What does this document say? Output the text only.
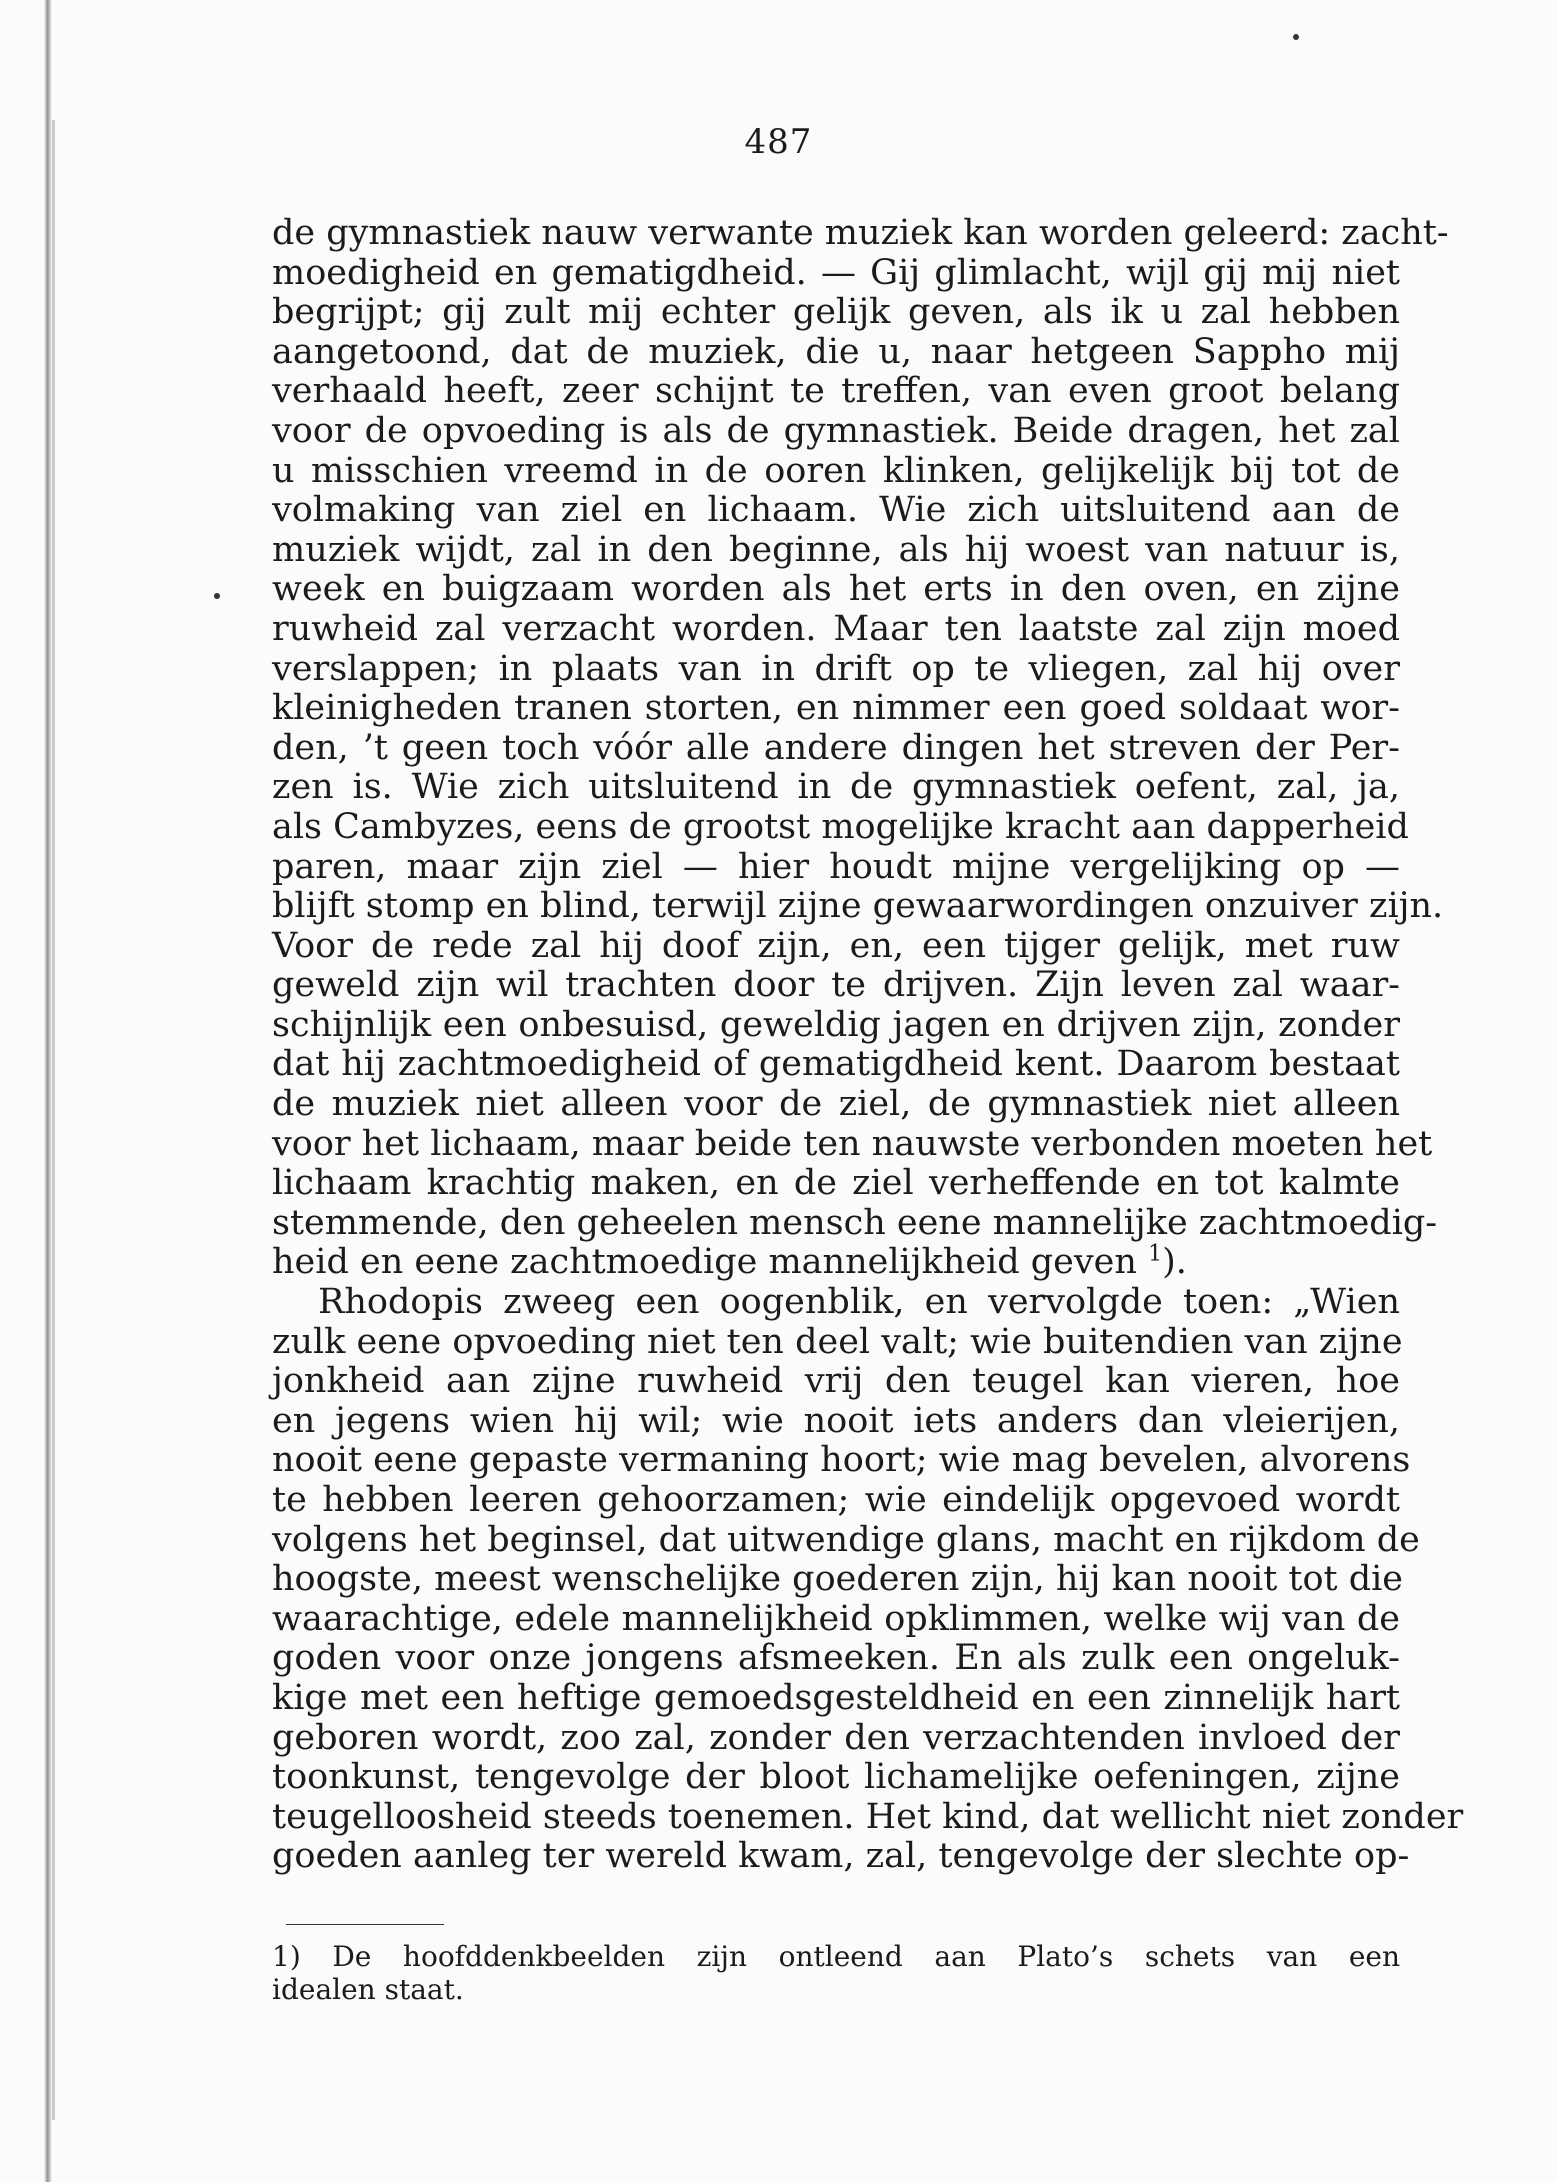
487
de gymnastiek nauw verwante muziek kan worden geleerd: zacht-
moedigheid en gematigdheid. — Gij glimlacht, wijl gij mij niet
begrijpt; gij zult mij echter gelijk geven, als ik u zal hebben
aangetoond, dat de muziek, die u, naar hetgeen Sappho mij
verhaald heeft, zeer schijnt te treffen, van even groot belang
voor de opvoeding is als de gymnastiek. Beide dragen, het zal
u misschien vreemd in de ooren klinken, gelijkelijk bij tot de
volmaking van ziel en lichaam. Wie zich uitsluitend aan de
muziek wijdt, zal in den beginne, als hij woest van natuur is,
week en buigzaam worden als het erts in den oven, en zijne
ruwheid zal verzacht worden. Maar ten laatste zal zijn moed
verslappen; in plaats van in drift op te vliegen, zal hij over
kleinigheden tranen storten, en nimmer een goed soldaat wor-
den, ’t geen toch vóór alle andere dingen het streven der Per-
zen is. Wie zich uitsluitend in de gymnastiek oefent, zal, ja,
als Cambyzes, eens de grootst mogelijke kracht aan dapperheid
paren, maar zijn ziel — hier houdt mijne vergelijking op —
blijft stomp en blind, terwijl zijne gewaarwordingen onzuiver zijn.
Voor de rede zal hij doof zijn, en, een tijger gelijk, met ruw
geweld zijn wil trachten door te drijven. Zijn leven zal waar-
schijnlijk een onbesuisd, geweldig jagen en drijven zijn, zonder
dat hij zachtmoedigheid of gematigdheid kent. Daarom bestaat
de muziek niet alleen voor de ziel, de gymnastiek niet alleen
voor het lichaam, maar beide ten nauwste verbonden moeten het
lichaam krachtig maken, en de ziel verheffende en tot kalmte
stemmende, den geheelen mensch eene mannelijke zachtmoedig-
heid en eene zachtmoedige mannelijkheid geven $^1$).
Rhodopis zweeg een oogenblik, en vervolgde toen: „Wien
zulk eene opvoeding niet ten deel valt; wie buitendien van zijne
jonkheid aan zijne ruwheid vrij den teugel kan vieren, hoe
en jegens wien hij wil; wie nooit iets anders dan vleierijen,
nooit eene gepaste vermaning hoort; wie mag bevelen, alvorens
te hebben leeren gehoorzamen; wie eindelijk opgevoed wordt
volgens het beginsel, dat uitwendige glans, macht en rijkdom de
hoogste, meest wenschelijke goederen zijn, hij kan nooit tot die
waarachtige, edele mannelijkheid opklimmen, welke wij van de
goden voor onze jongens afsmeeken. En als zulk een ongeluk-
kige met een heftige gemoedsgesteldheid en een zinnelijk hart
geboren wordt, zoo zal, zonder den verzachtenden invloed der
toonkunst, tengevolge der bloot lichamelijke oefeningen, zijne
teugelloosheid steeds toenemen. Het kind, dat wellicht niet zonder
goeden aanleg ter wereld kwam, zal, tengevolge der slechte op-
1) De hoofddenkbeelden zijn ontleend aan Plato’s schets van een
idealen staat.
